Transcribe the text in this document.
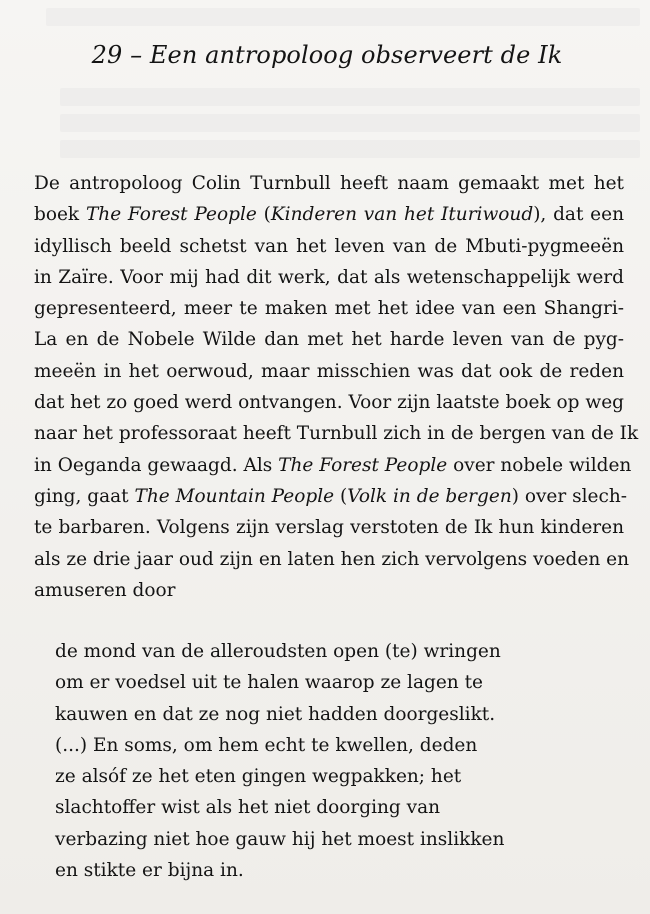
29 – Een antropoloog observeert de Ik
De antropoloog Colin Turnbull heeft naam gemaakt met het
boek The Forest People (Kinderen van het Ituriwoud), dat een
idyllisch beeld schetst van het leven van de Mbuti-pygmeeën
in Zaïre. Voor mij had dit werk, dat als wetenschappelijk werd
gepresenteerd, meer te maken met het idee van een Shangri-
La en de Nobele Wilde dan met het harde leven van de pyg-
meeën in het oerwoud, maar misschien was dat ook de reden
dat het zo goed werd ontvangen. Voor zijn laatste boek op weg
naar het professoraat heeft Turnbull zich in de bergen van de Ik
in Oeganda gewaagd. Als The Forest People over nobele wilden
ging, gaat The Mountain People (Volk in de bergen) over slech-
te barbaren. Volgens zijn verslag verstoten de Ik hun kinderen
als ze drie jaar oud zijn en laten hen zich vervolgens voeden en
amuseren door
de mond van de alleroudsten open (te) wringen
om er voedsel uit te halen waarop ze lagen te
kauwen en dat ze nog niet hadden doorgeslikt.
(...) En soms, om hem echt te kwellen, deden
ze alsóf ze het eten gingen wegpakken; het
slachtoffer wist als het niet doorging van
verbazing niet hoe gauw hij het moest inslikken
en stikte er bijna in.
